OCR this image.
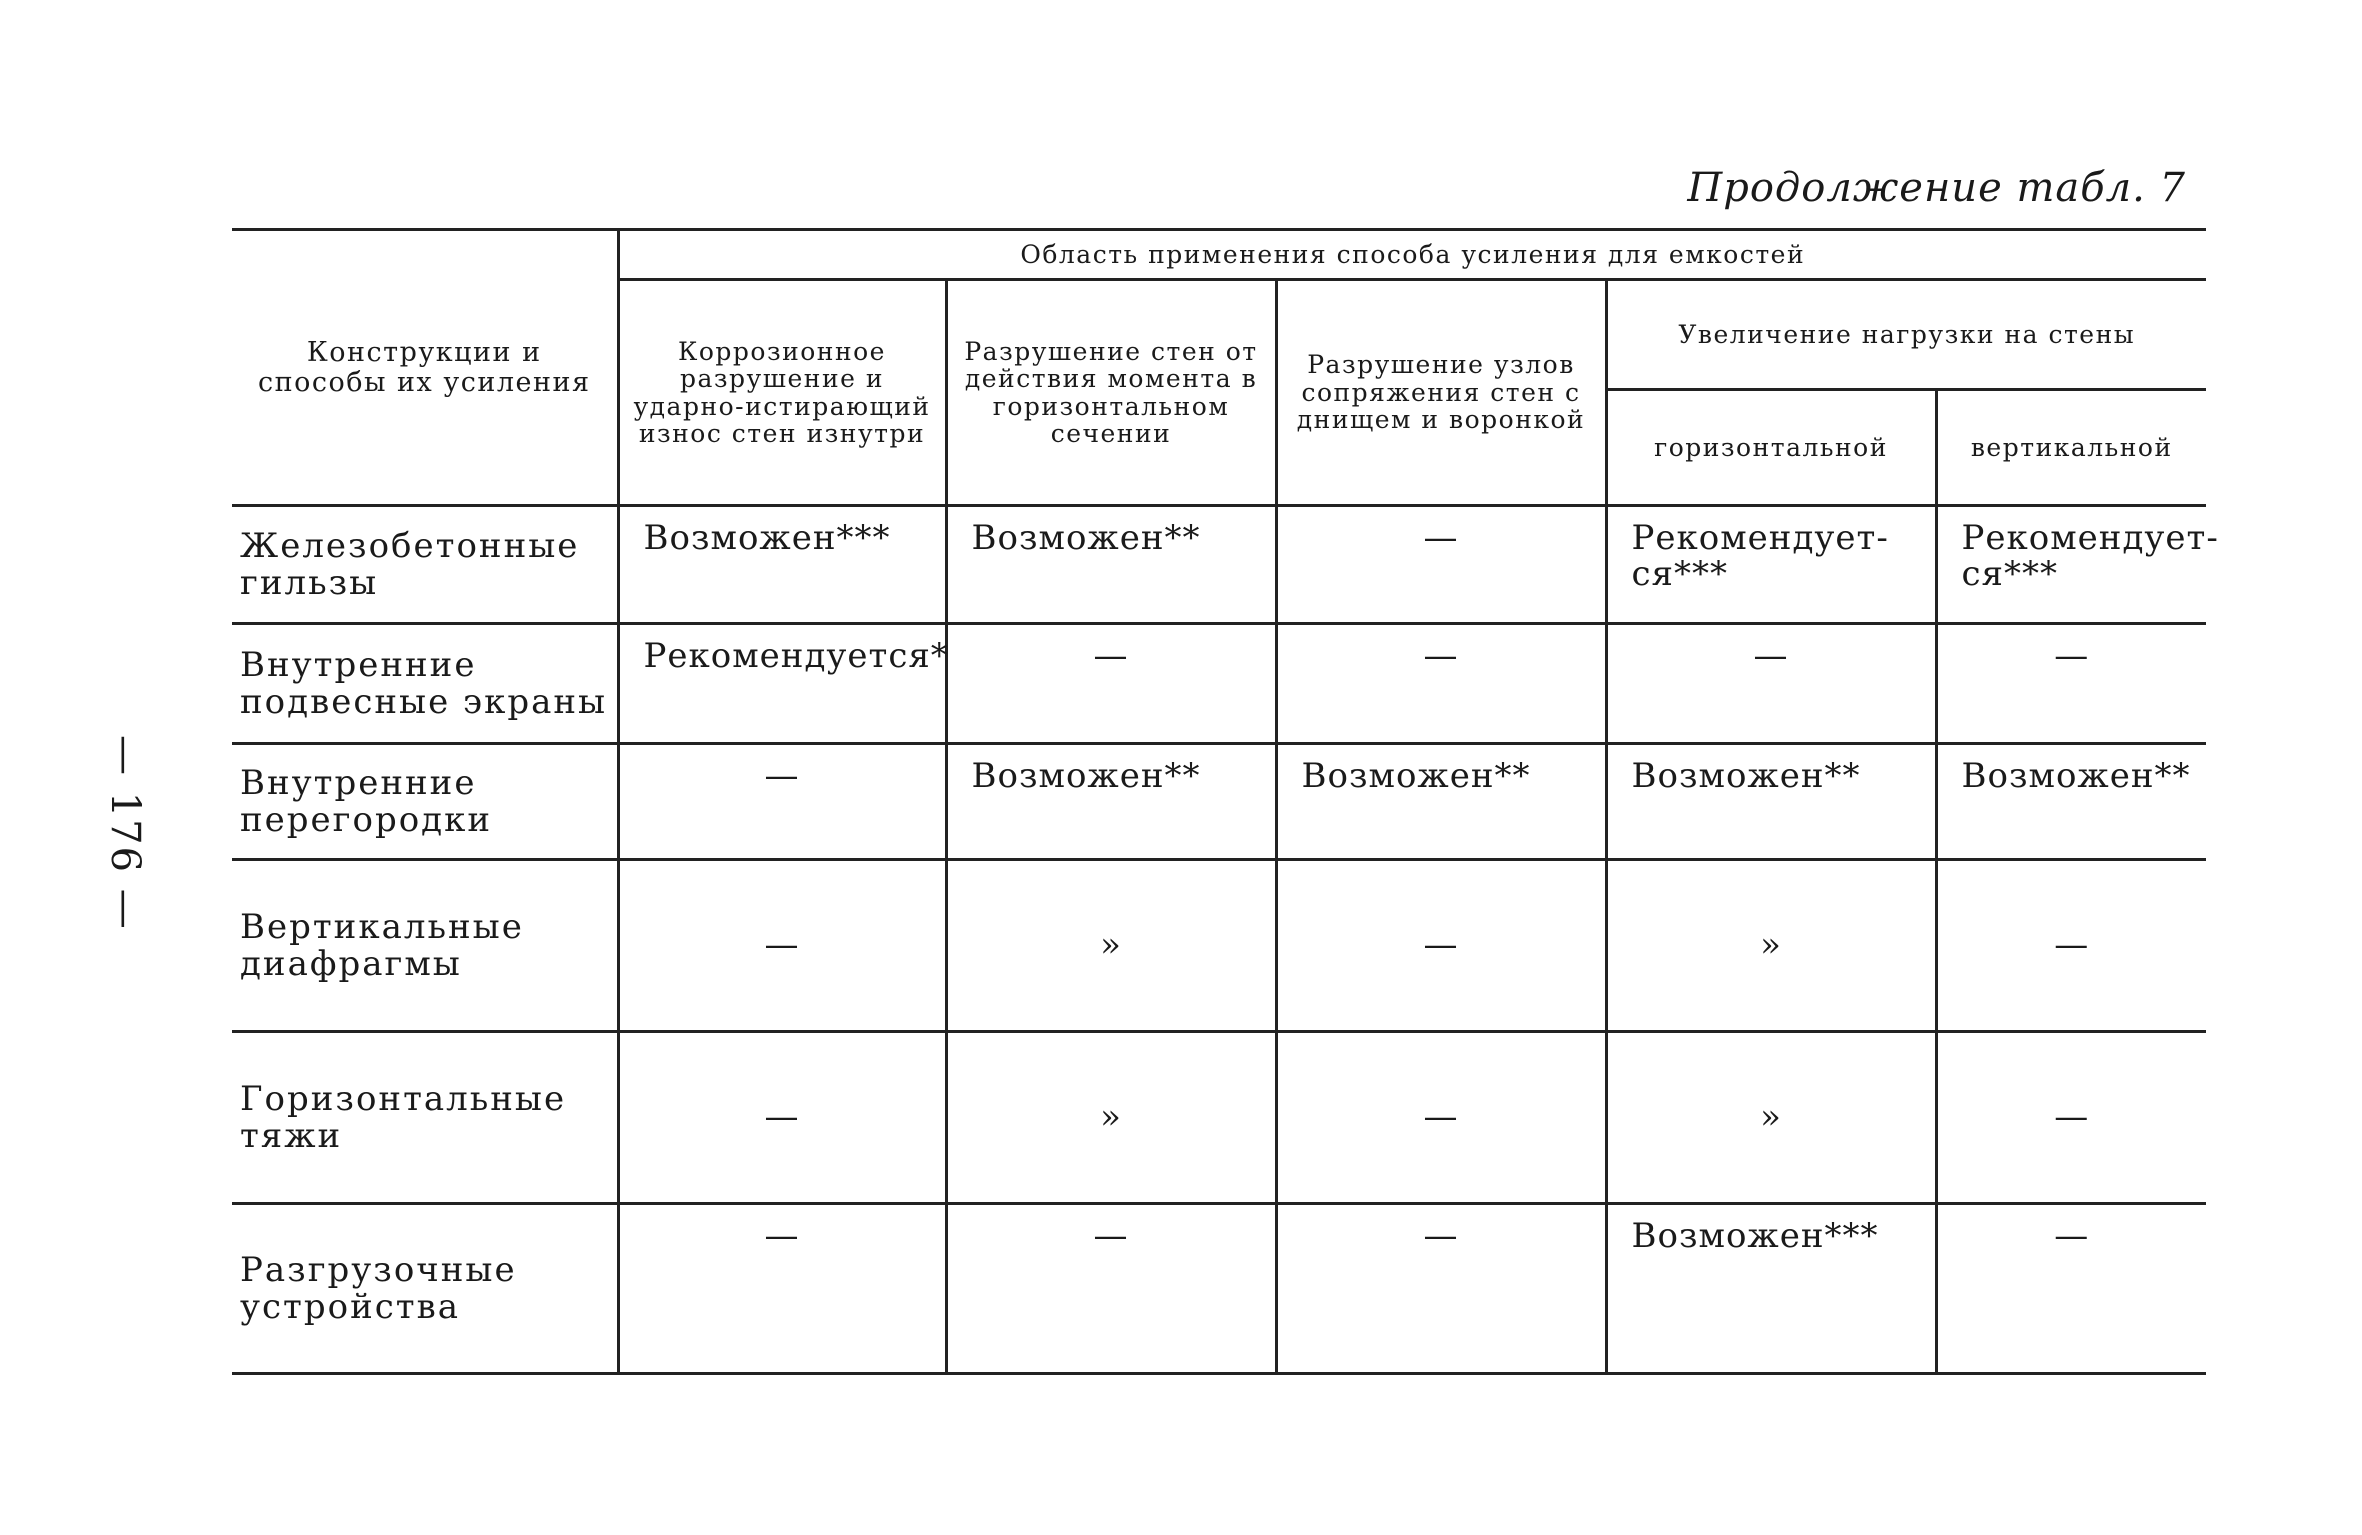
— 176 —
Продолжение табл. 7
Конструкции и способы их усиления	Область применения способа усиления для емкостей				
	Коррозионное разрушение и ударно-истирающий износ стен изнутри	Разрушение стен от действия момента в горизонтальном сечении	Разрушение узлов сопряжения стен с днищем и воронкой	Увеличение нагрузки на стены	
				горизонтальной	вертикальной
Железобетонные гильзы	Возможен***	Возможен**	—	Рекомендует-ся***	Рекомендует-ся***
Внутренние подвесные экраны	Рекомендуется*	—	—	—	—
Внутренние перегородки	—	Возможен**	Возможен**	Возможен**	Возможен**
Вертикальные диафрагмы	—	»	—	»	—
Горизонтальные тяжи	—	»	—	»	—
Разгрузочные устройства	—	—	—	Возможен***	—
